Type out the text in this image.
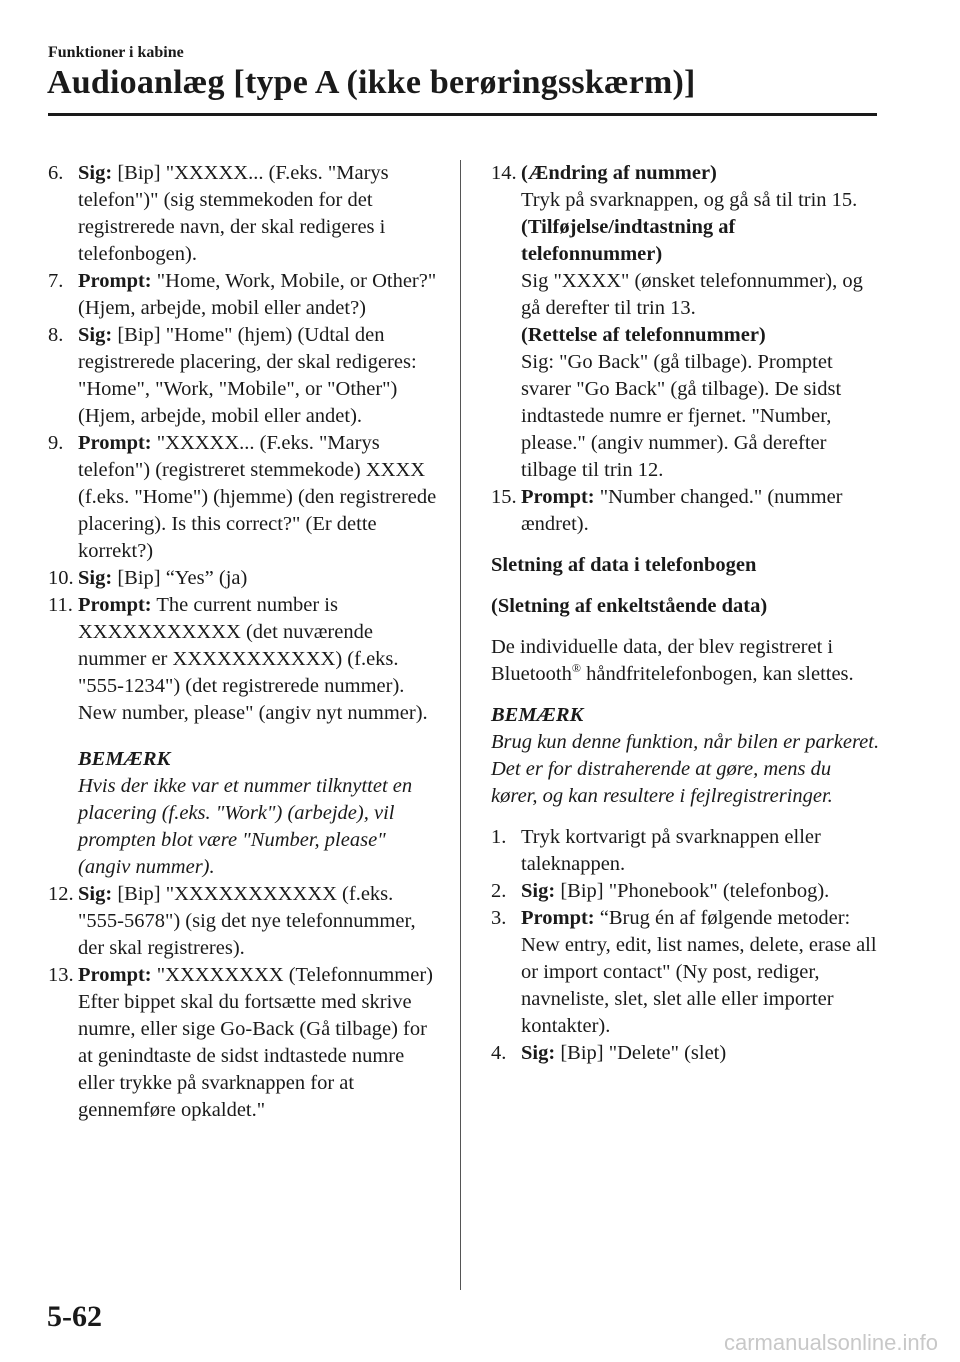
Funktioner i kabine
Audioanlæg [type A (ikke berøringsskærm)]
6. Sig: [Bip] "XXXXX... (F.eks. "Marys telefon")" (sig stemmekoden for det registrerede navn, der skal redigeres i telefonbogen).
7. Prompt: "Home, Work, Mobile, or Other?" (Hjem, arbejde, mobil eller andet?)
8. Sig: [Bip] "Home" (hjem) (Udtal den registrerede placering, der skal redigeres: "Home", "Work, "Mobile", or "Other") (Hjem, arbejde, mobil eller andet).
9. Prompt: "XXXXX... (F.eks. "Marys telefon") (registreret stemmekode) XXXX (f.eks. "Home") (hjemme) (den registrerede placering). Is this correct?" (Er dette korrekt?)
10. Sig: [Bip] “Yes” (ja)
11. Prompt: The current number is XXXXXXXXXXX (det nuværende nummer er XXXXXXXXXXX) (f.eks. "555-1234") (det registrerede nummer). New number, please" (angiv nyt nummer).
BEMÆRK
Hvis der ikke var et nummer tilknyttet en placering (f.eks. "Work") (arbejde), vil prompten blot være "Number, please" (angiv nummer).
12. Sig: [Bip] "XXXXXXXXXXX (f.eks. "555-5678") (sig det nye telefonnummer, der skal registreres).
13. Prompt: "XXXXXXXX (Telefonnummer) Efter bippet skal du fortsætte med skrive numre, eller sige Go-Back (Gå tilbage) for at genindtaste de sidst indtastede numre eller trykke på svarknappen for at gennemføre opkaldet."
14. (Ændring af nummer)
Tryk på svarknappen, og gå så til trin 15.
(Tilføjelse/indtastning af telefonnummer)
Sig "XXXX" (ønsket telefonnummer), og gå derefter til trin 13.
(Rettelse af telefonnummer)
Sig: "Go Back" (gå tilbage). Promptet svarer "Go Back" (gå tilbage). De sidst indtastede numre er fjernet. "Number, please." (angiv nummer). Gå derefter tilbage til trin 12.
15. Prompt: "Number changed." (nummer ændret).
Sletning af data i telefonbogen
(Sletning af enkeltstående data)
De individuelle data, der blev registreret i Bluetooth® håndfritelefonbogen, kan slettes.
BEMÆRK
Brug kun denne funktion, når bilen er parkeret. Det er for distraherende at gøre, mens du kører, og kan resultere i fejlregistreringer.
1. Tryk kortvarigt på svarknappen eller taleknappen.
2. Sig: [Bip] "Phonebook" (telefonbog).
3. Prompt: “Brug én af følgende metoder: New entry, edit, list names, delete, erase all or import contact" (Ny post, rediger, navneliste, slet, slet alle eller importer kontakter).
4. Sig: [Bip] "Delete" (slet)
5-62
carmanualsonline.info
